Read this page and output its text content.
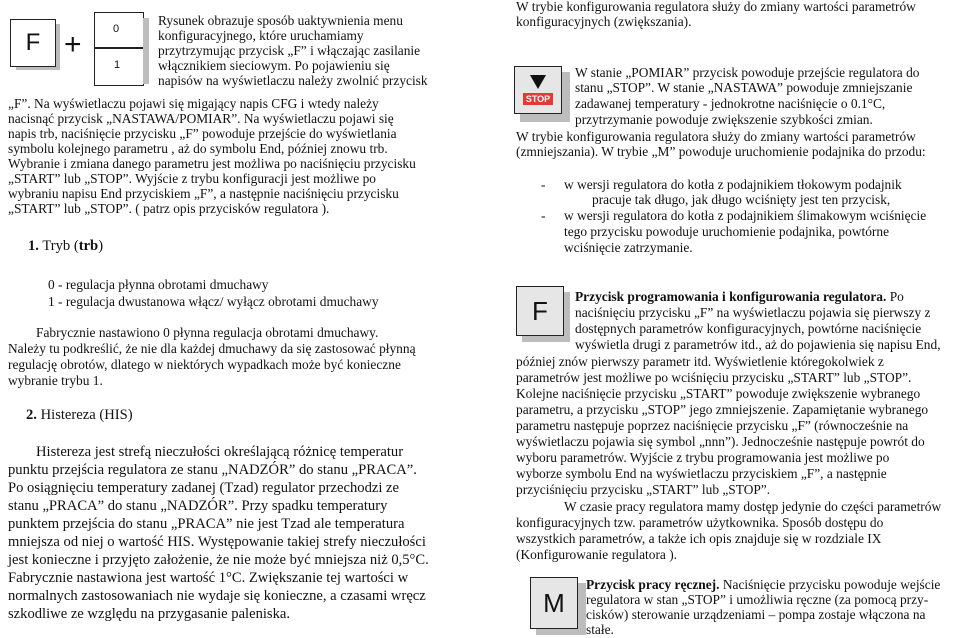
F +	0
1
Rysunek obrazuje sposób uaktywnienia menu
konfiguracyjnego, które uruchamiamy
przytrzymując przycisk „F” i włączając zasilanie
włącznikiem sieciowym. Po pojawieniu się
napisów na wyświetlaczu należy zwolnić przycisk
„F”. Na wyświetlaczu pojawi się migający napis CFG i wtedy należy
nacisnąć przycisk „NASTAWA/POMIAR”. Na wyświetlaczu pojawi się
napis trb, naciśnięcie przycisku „F” powoduje przejście do wyświetlania
symbolu kolejnego parametru , aż do symbolu End, później znowu trb.
Wybranie i zmiana danego parametru jest możliwa po naciśnięciu przycisku
„START” lub „STOP”. Wyjście z trybu konfiguracji jest możliwe po
wybraniu napisu End przyciskiem „F”, a następnie naciśnięciu przycisku
„START” lub „STOP”. ( patrz opis przycisków regulatora ).
1. Tryb (trb)
0 - regulacja płynna obrotami dmuchawy
1 - regulacja dwustanowa włącz/ wyłącz obrotami dmuchawy
Fabrycznie nastawiono 0 płynna regulacja obrotami dmuchawy.
Należy tu podkreślić, że nie dla każdej dmuchawy da się zastosować płynną
regulację obrotów, dlatego w niektórych wypadkach może być konieczne
wybranie trybu 1.
2. Histereza (HIS)
Histereza jest strefą nieczułości określającą różnicę temperatur
punktu przejścia regulatora ze stanu „NADZÓR” do stanu „PRACA”.
Po osiągnięciu temperatury zadanej (Tzad) regulator przechodzi ze
stanu „PRACA” do stanu „NADZÓR”. Przy spadku temperatury
punktem przejścia do stanu „PRACA” nie jest Tzad ale temperatura
mniejsza od niej o wartość HIS. Występowanie takiej strefy nieczułości
jest konieczne i przyjęto założenie, że nie może być mniejsza niż 0,5°C.
Fabrycznie nastawiona jest wartość 1°C. Zwiększanie tej wartości w
normalnych zastosowaniach nie wydaje się konieczne, a czasami wręcz
szkodliwe ze względu na przygasanie paleniska.
W trybie konfigurowania regulatora służy do zmiany wartości parametrów
konfiguracyjnych (zwiększania).
STOP
W stanie „POMIAR” przycisk powoduje przejście regulatora do
stanu „STOP”. W stanie „NASTAWA” powoduje zmniejszanie
zadawanej temperatury - jednokrotne naciśnięcie o 0.1°C,
przytrzymanie powoduje zwiększenie szybkości zmian.
W trybie konfigurowania regulatora służy do zmiany wartości parametrów
(zmniejszania). W trybie „M” powoduje uruchomienie podajnika do przodu:
- w wersji regulatora do kotła z podajnikiem tłokowym podajnik
pracuje tak długo, jak długo wciśnięty jest ten przycisk,
- w wersji regulatora do kotła z podajnikiem ślimakowym wciśnięcie
tego przycisku powoduje uruchomienie podajnika, powtórne
wciśnięcie zatrzymanie.
F Przycisk programowania i konfigurowania regulatora. Po
naciśnięciu przycisku „F” na wyświetlaczu pojawia się pierwszy z
dostępnych parametrów konfiguracyjnych, powtórne naciśnięcie
wyświetla drugi z parametrów itd., aż do pojawienia się napisu End,
później znów pierwszy parametr itd. Wyświetlenie któregokolwiek z
parametrów jest możliwe po wciśnięciu przycisku „START” lub „STOP”.
Kolejne naciśnięcie przycisku „START” powoduje zwiększenie wybranego
parametru, a przycisku „STOP” jego zmniejszenie. Zapamiętanie wybranego
parametru następuje poprzez naciśnięcie przycisku „F” (równocześnie na
wyświetlaczu pojawia się symbol „nnn”). Jednocześnie następuje powrót do
wyboru parametrów. Wyjście z trybu programowania jest możliwe po
wyborze symbolu End na wyświetlaczu przyciskiem „F”, a następnie
przyciśnięciu przycisku „START” lub „STOP”.
W czasie pracy regulatora mamy dostęp jedynie do części parametrów
konfiguracyjnych tzw. parametrów użytkownika. Sposób dostępu do
wszystkich parametrów, a także ich opis znajduje się w rozdziale IX
(Konfigurowanie regulatora ).
M
Przycisk pracy ręcznej. Naciśnięcie przycisku powoduje wejście
regulatora w stan „STOP” i umożliwia ręczne (za pomocą przy-
cisków) sterowanie urządzeniami – pompa zostaje włączona na
stałe.
